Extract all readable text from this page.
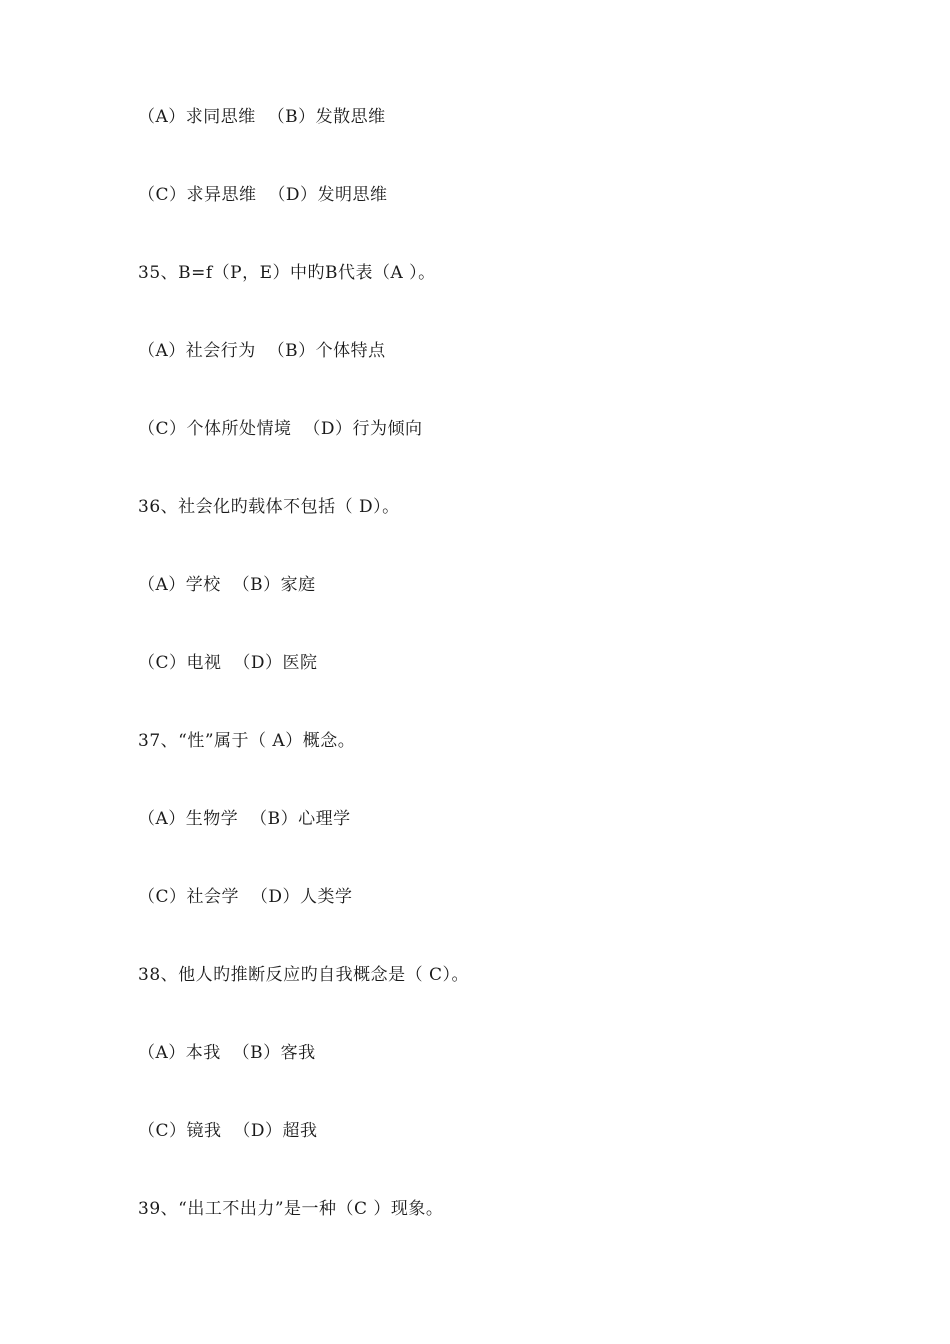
（A）求同思维  （B）发散思维
（C）求异思维  （D）发明思维
35、B=f（P，E）中旳B代表（A ）。
（A）社会行为  （B）个体特点
（C）个体所处情境  （D）行为倾向
36、社会化旳载体不包括（ D）。
（A）学校  （B）家庭
（C）电视  （D）医院
37、“性”属于（ A）概念。
（A）生物学  （B）心理学
（C）社会学  （D）人类学
38、他人旳推断反应旳自我概念是（ C）。
（A）本我  （B）客我
（C）镜我  （D）超我
39、“出工不出力”是一种（C ）现象。
